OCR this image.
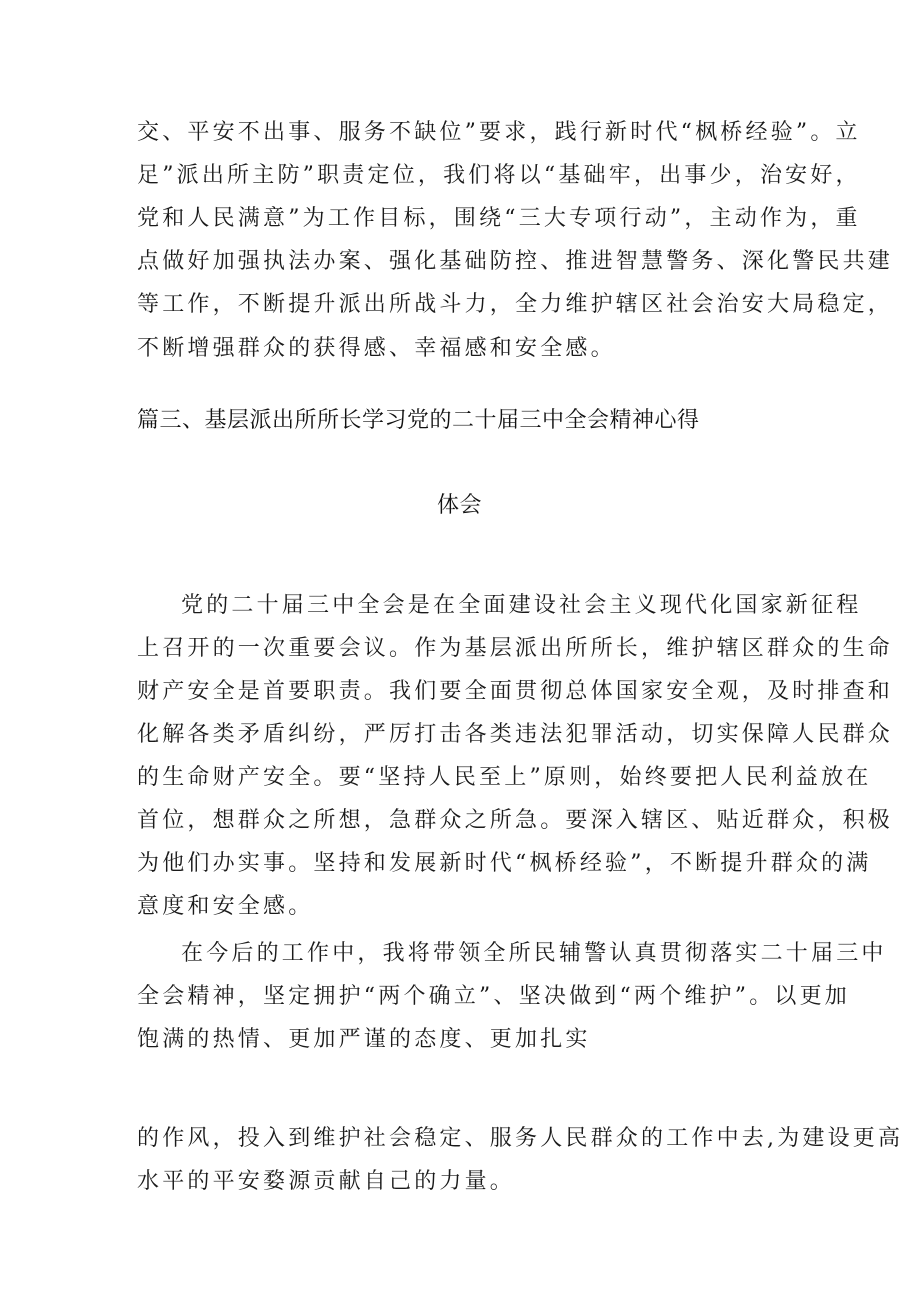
交、平安不出事、服务不缺位”要求，践行新时代“枫桥经验”。立
足”派出所主防”职责定位，我们将以“基础牢，出事少，治安好，
党和人民满意”为工作目标，围绕“三大专项行动”，主动作为，重
点做好加强执法办案、强化基础防控、推进智慧警务、深化警民共建
等工作，不断提升派出所战斗力，全力维护辖区社会治安大局稳定，
不断增强群众的获得感、幸福感和安全感。
篇三、基层派出所所长学习党的二十届三中全会精神心得
体会
党的二十届三中全会是在全面建设社会主义现代化国家新征程
上召开的一次重要会议。作为基层派出所所长，维护辖区群众的生命
财产安全是首要职责。我们要全面贯彻总体国家安全观，及时排查和
化解各类矛盾纠纷，严厉打击各类违法犯罪活动，切实保障人民群众
的生命财产安全。要“坚持人民至上”原则，始终要把人民利益放在
首位，想群众之所想，急群众之所急。要深入辖区、贴近群众，积极
为他们办实事。坚持和发展新时代“枫桥经验”，不断提升群众的满
意度和安全感。
在今后的工作中，我将带领全所民辅警认真贯彻落实二十届三中
全会精神，坚定拥护“两个确立”、坚决做到“两个维护”。以更加
饱满的热情、更加严谨的态度、更加扎实
的作风，投入到维护社会稳定、服务人民群众的工作中去,为建设更高
水平的平安婺源贡献自己的力量。
